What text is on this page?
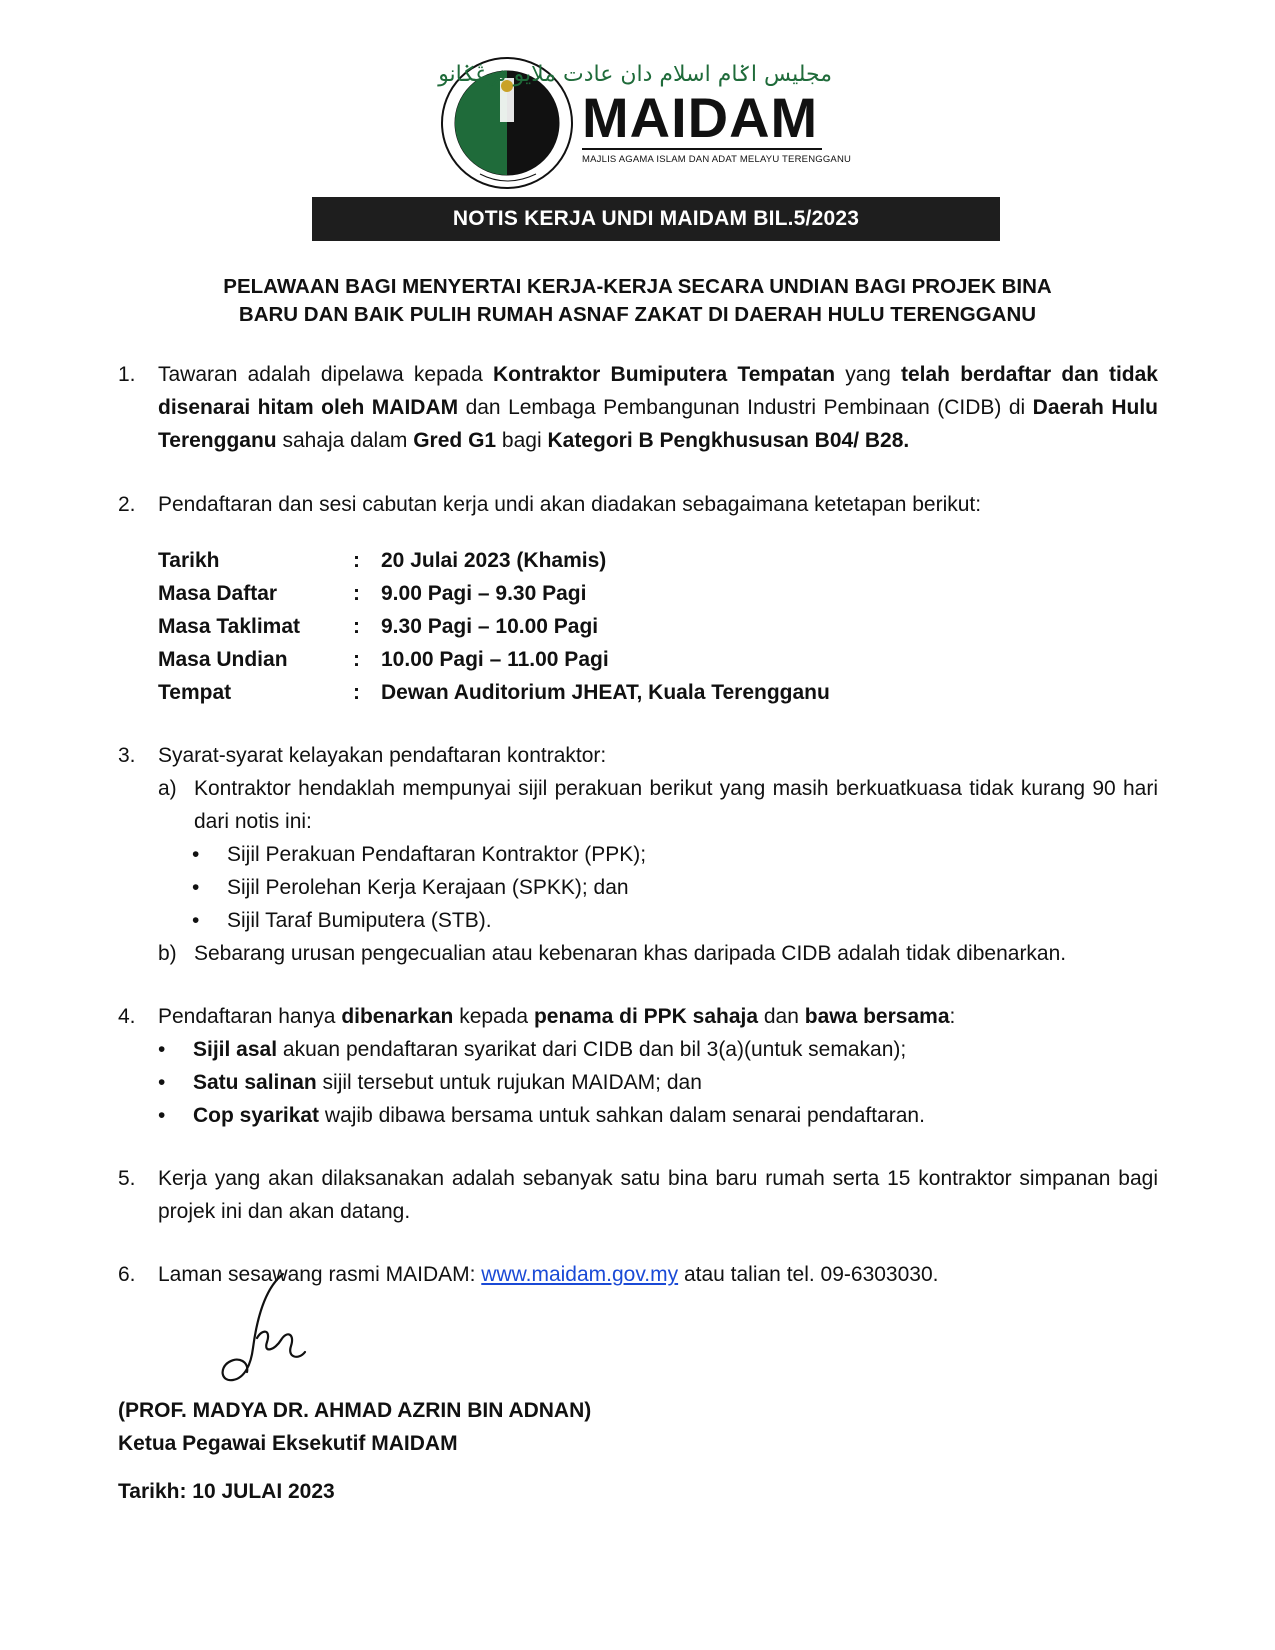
مجليس اݢام اسلام دان عادت ملايو ترڠݢانو
MAIDAM
MAJLIS AGAMA ISLAM DAN ADAT MELAYU TERENGGANU
NOTIS KERJA UNDI MAIDAM BIL.5/2023
PELAWAAN BAGI MENYERTAI KERJA-KERJA SECARA UNDIAN BAGI PROJEK BINA
BARU DAN BAIK PULIH RUMAH ASNAF ZAKAT DI DAERAH HULU TERENGGANU
1.	Tawaran adalah dipelawa kepada Kontraktor Bumiputera Tempatan yang telah berdaftar dan tidak disenarai hitam oleh MAIDAM dan Lembaga Pembangunan Industri Pembinaan (CIDB) di Daerah Hulu Terengganu sahaja dalam Gred G1 bagi Kategori B Pengkhususan B04/ B28.
2.	Pendaftaran dan sesi cabutan kerja undi akan diadakan sebagaimana ketetapan berikut:
Tarikh	:	20 Julai 2023 (Khamis)
Masa Daftar	:	9.00 Pagi – 9.30 Pagi
Masa Taklimat	:	9.30 Pagi – 10.00 Pagi
Masa Undian	:	10.00 Pagi – 11.00 Pagi
Tempat	:	Dewan Auditorium JHEAT, Kuala Terengganu
3.	Syarat-syarat kelayakan pendaftaran kontraktor:
a) Kontraktor hendaklah mempunyai sijil perakuan berikut yang masih berkuatkuasa tidak kurang 90 hari dari notis ini:
•	Sijil Perakuan Pendaftaran Kontraktor (PPK);
•	Sijil Perolehan Kerja Kerajaan (SPKK); dan
•	Sijil Taraf Bumiputera (STB).
b) Sebarang urusan pengecualian atau kebenaran khas daripada CIDB adalah tidak dibenarkan.
4.	Pendaftaran hanya dibenarkan kepada penama di PPK sahaja dan bawa bersama:
•	Sijil asal akuan pendaftaran syarikat dari CIDB dan bil 3(a)(untuk semakan);
•	Satu salinan sijil tersebut untuk rujukan MAIDAM; dan
•	Cop syarikat wajib dibawa bersama untuk sahkan dalam senarai pendaftaran.
5.	Kerja yang akan dilaksanakan adalah sebanyak satu bina baru rumah serta 15 kontraktor simpanan bagi projek ini dan akan datang.
6.	Laman sesawang rasmi MAIDAM: www.maidam.gov.my atau talian tel. 09-6303030.
(PROF. MADYA DR. AHMAD AZRIN BIN ADNAN)
Ketua Pegawai Eksekutif MAIDAM
Tarikh: 10 JULAI 2023
